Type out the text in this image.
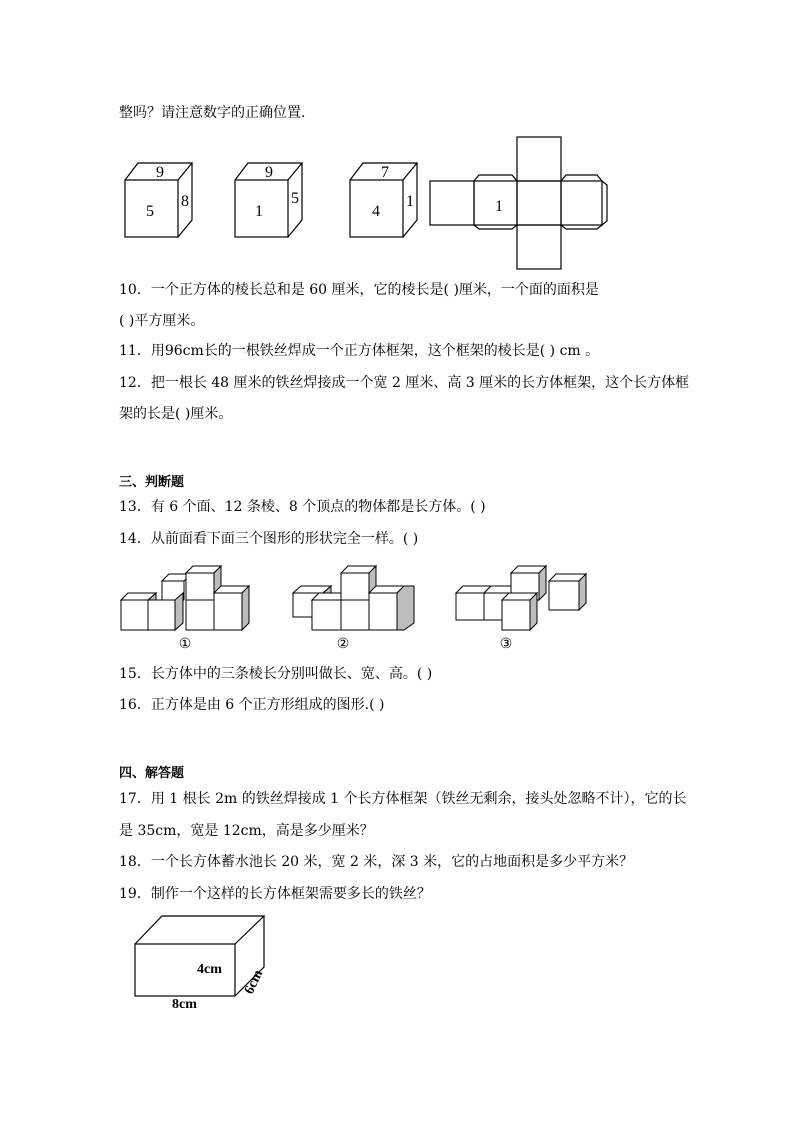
整吗？请注意数字的正确位置.
9
5
8
9
1
5
7
4
1	1
10．一个正方体的棱长总和是 60 厘米，它的棱长是( )厘米，一个面的面积是
( )平方厘米。
11．用96cm长的一根铁丝焊成一个正方体框架，这个框架的棱长是( ) cm 。
12．把一根长 48 厘米的铁丝焊接成一个宽 2 厘米、高 3 厘米的长方体框架，这个长方体框
架的长是( )厘米。
三、判断题
13．有 6 个面、12 条棱、8 个顶点的物体都是长方体。( )
14．从前面看下面三个图形的形状完全一样。( )
①	②	③
15．长方体中的三条棱长分别叫做长、宽、高。( )
16．正方体是由 6 个正方形组成的图形.( )
四、解答题
17．用 1 根长 2m 的铁丝焊接成 1 个长方体框架（铁丝无剩余，接头处忽略不计），它的长
是 35cm，宽是 12cm，高是多少厘米？
18．一个长方体蓄水池长 20 米，宽 2 米，深 3 米，它的占地面积是多少平方米？
19．制作一个这样的长方体框架需要多长的铁丝？
4cm 6cm
8cm
